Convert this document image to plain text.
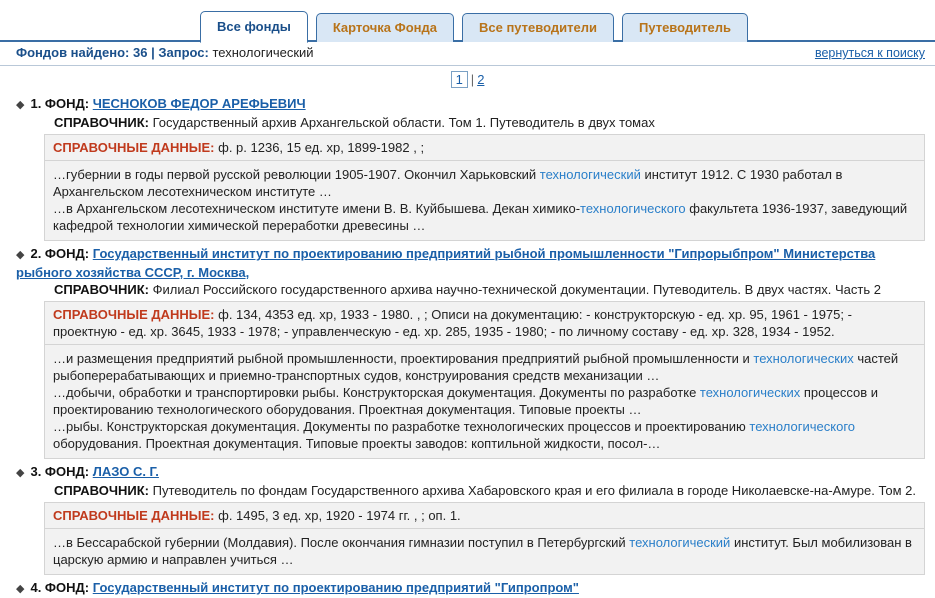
Все фонды	Карточка Фонда	Все путеводители	Путеводитель
Фондов найдено: 36 | Запрос: технологический	вернуться к поиску
1 | 2
◆ 1. ФОНД: ЧЕСНОКОВ ФЕДОР АРЕФЬЕВИЧ
СПРАВОЧНИК: Государственный архив Архангельской области. Том 1. Путеводитель в двух томах
СПРАВОЧНЫЕ ДАННЫЕ: ф. р. 1236, 15 ед. хр, 1899-1982 , ;

…губернии в годы первой русской революции 1905-1907. Окончил Харьковский технологический институт 1912. С 1930 работал в Архангельском лесотехническом институте …

…в Архангельском лесотехническом институте имени В. В. Куйбышева. Декан химико-технологического факультета 1936-1937, заведующий кафедрой технологии химической переработки древесины …

◆ 2. ФОНД: Государственный институт по проектированию предприятий рыбной промышленности "Гипрорыбпром" Министерства рыбного хозяйства СССР, г. Москва,
СПРАВОЧНИК: Филиал Российского государственного архива научно-технической документации. Путеводитель. В двух частях. Часть 2
СПРАВОЧНЫЕ ДАННЫЕ: ф. 134, 4353 ед. хр, 1933 - 1980. , ; Описи на документацию: - конструкторскую - ед. хр. 95, 1961 - 1975; - проектную - ед. хр. 3645, 1933 - 1978; - управленческую - ед. хр. 285, 1935 - 1980; - по личному составу - ед. хр. 328, 1934 - 1952.

…и размещения предприятий рыбной промышленности, проектирования предприятий рыбной промышленности и технологических частей рыбоперерабатывающих и приемно-транспортных судов, конструирования средств механизации …

…добычи, обработки и транспортировки рыбы. Конструкторская документация. Документы по разработке технологических процессов и проектированию технологического оборудования. Проектная документация. Типовые проекты …

…рыбы. Конструкторская документация. Документы по разработке технологических процессов и проектированию технологического оборудования. Проектная документация. Типовые проекты заводов: коптильной жидкости, посол-…

◆ 3. ФОНД: ЛАЗО С. Г.
СПРАВОЧНИК: Путеводитель по фондам Государственного архива Хабаровского края и его филиала в городе Николаевске-на-Амуре. Том 2.
СПРАВОЧНЫЕ ДАННЫЕ: ф. 1495, 3 ед. хр, 1920 - 1974 гг. , ; оп. 1.

…в Бессарабской губернии (Молдавия). После окончания гимназии поступил в Петербургский технологический институт. Был мобилизован в царскую армию и направлен учиться …

◆ 4. ФОНД: Государственный институт по проектированию предприятий "Гипропром"
